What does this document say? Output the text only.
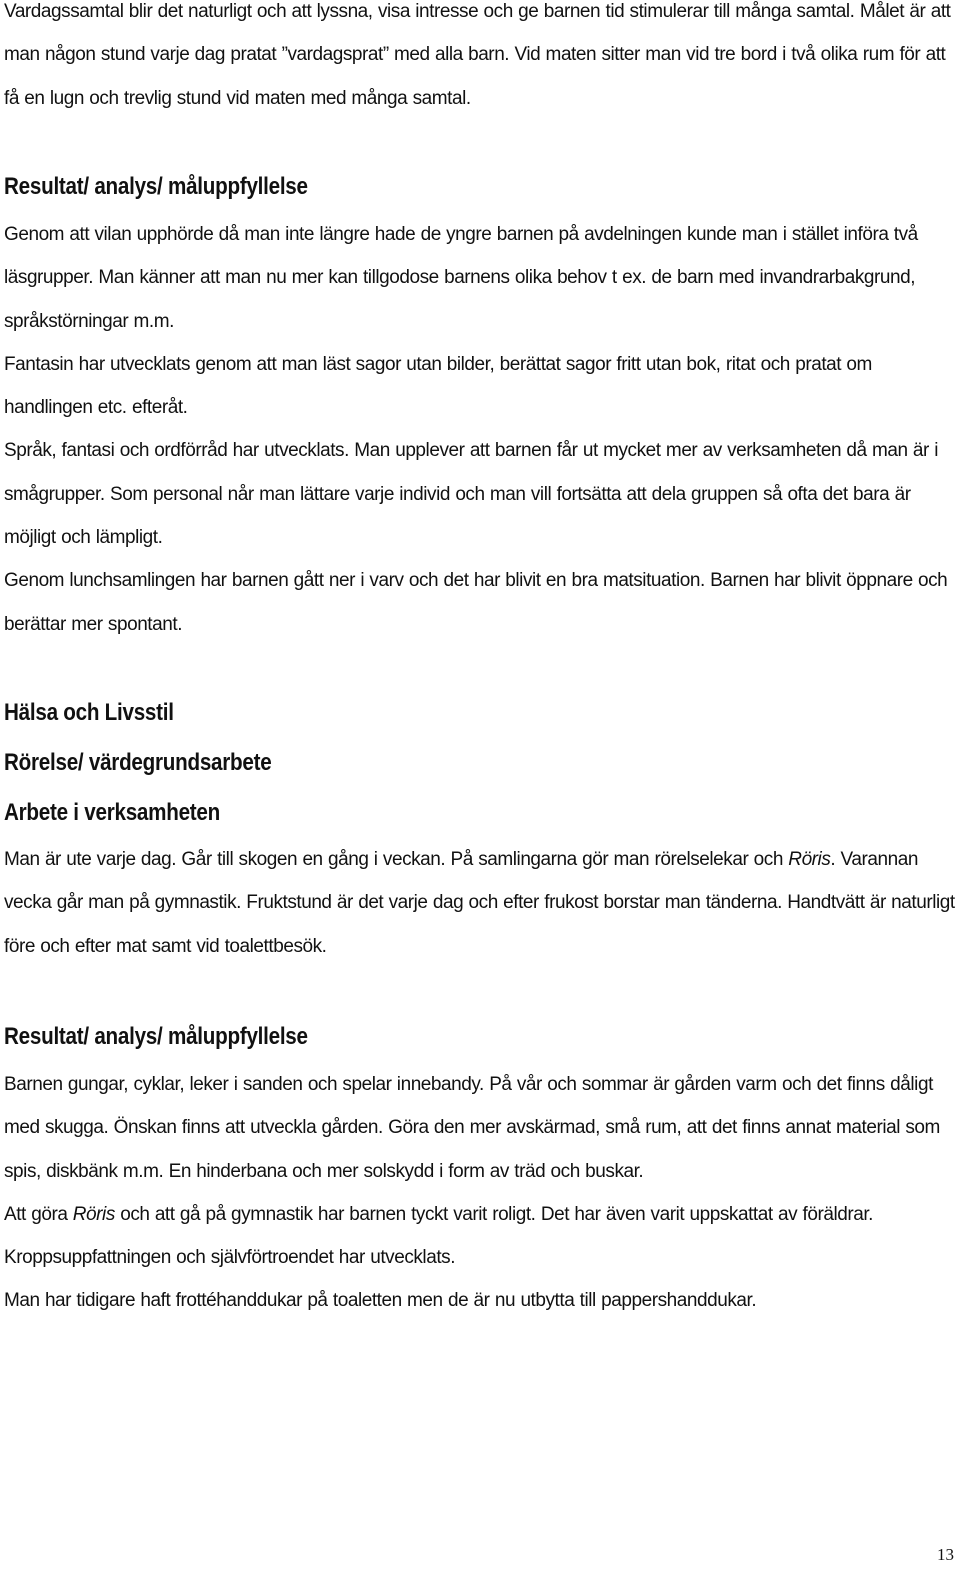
Vardagssamtal blir det naturligt och att lyssna, visa intresse och ge barnen tid stimulerar till många samtal. Målet är att man någon stund varje dag pratat ”vardagsprat” med alla barn. Vid maten sitter man vid tre bord i två olika rum för att få en lugn och trevlig stund vid maten med många samtal.

Resultat/ analys/ måluppfyllelse

Genom att vilan upphörde då man inte längre hade de yngre barnen på avdelningen kunde man i stället införa två läsgrupper. Man känner att man nu mer kan tillgodose barnens olika behov t ex. de barn med invandrarbakgrund, språkstörningar m.m.

Fantasin har utvecklats genom att man läst sagor utan bilder, berättat sagor fritt utan bok, ritat och pratat om handlingen etc. efteråt.

Språk, fantasi och ordförråd har utvecklats. Man upplever att barnen får ut mycket mer av verksamheten då man är i smågrupper. Som personal når man lättare varje individ och man vill fortsätta att dela gruppen så ofta det bara är möjligt och lämpligt.

Genom lunchsamlingen har barnen gått ner i varv och det har blivit en bra matsituation. Barnen har blivit öppnare och berättar mer spontant.

Hälsa och Livsstil
Rörelse/ värdegrundsarbete
Arbete i verksamheten

Man är ute varje dag. Går till skogen en gång i veckan. På samlingarna gör man rörelselekar och Röris. Varannan vecka går man på gymnastik. Fruktstund är det varje dag och efter frukost borstar man tänderna. Handtvätt är naturligt före och efter mat samt vid toalettbesök.

Resultat/ analys/ måluppfyllelse

Barnen gungar, cyklar, leker i sanden och spelar innebandy. På vår och sommar är gården varm och det finns dåligt med skugga. Önskan finns att utveckla gården. Göra den mer avskärmad, små rum, att det finns annat material som spis, diskbänk m.m. En hinderbana och mer solskydd i form av träd och buskar.

Att göra Röris och att gå på gymnastik har barnen tyckt varit roligt. Det har även varit uppskattat av föräldrar. Kroppsuppfattningen och självförtroendet har utvecklats.

Man har tidigare haft frottéhanddukar på toaletten men de är nu utbytta till pappershanddukar.

13
